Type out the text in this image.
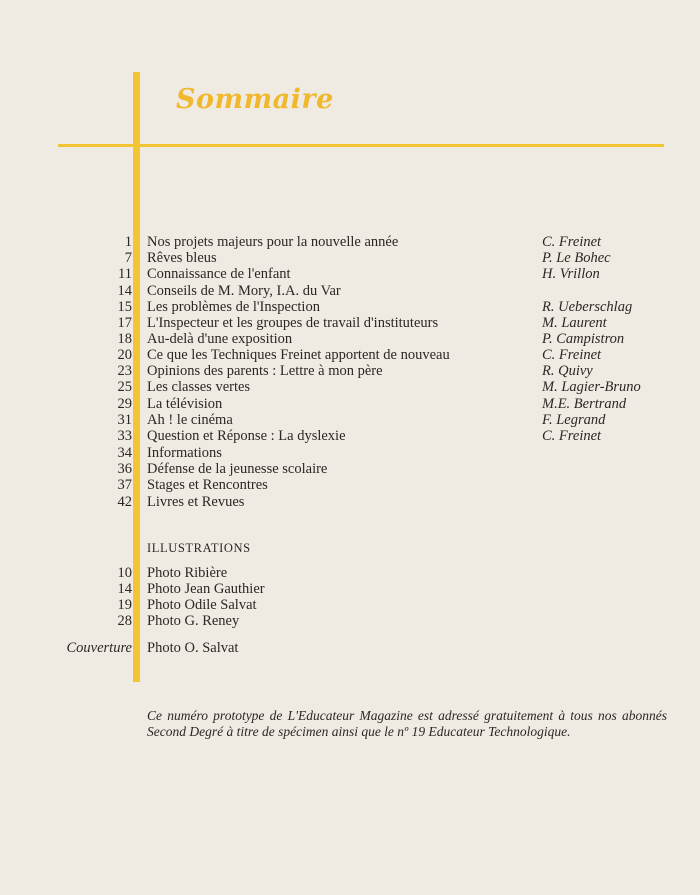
Sommaire
1 Nos projets majeurs pour la nouvelle année	C. Freinet
7 Rêves bleus	P. Le Bohec
11 Connaissance de l'enfant	H. Vrillon
14 Conseils de M. Mory, I.A. du Var
15 Les problèmes de l'Inspection	R. Ueberschlag
17 L'Inspecteur et les groupes de travail d'instituteurs	M. Laurent
18 Au-delà d'une exposition	P. Campistron
20 Ce que les Techniques Freinet apportent de nouveau	C. Freinet
23 Opinions des parents : Lettre à mon père	R. Quivy
25 Les classes vertes	M. Lagier-Bruno
29 La télévision	M.E. Bertrand
31 Ah ! le cinéma	F. Legrand
33 Question et Réponse : La dyslexie	C. Freinet
34 Informations
36 Défense de la jeunesse scolaire
37 Stages et Rencontres
42 Livres et Revues
ILLUSTRATIONS
10 Photo Ribière
14 Photo Jean Gauthier
19 Photo Odile Salvat
28 Photo G. Reney
Couverture Photo O. Salvat
Ce numéro prototype de L'Educateur Magazine est adressé gratuitement à tous nos abonnés Second Degré à titre de spécimen ainsi que le nº 19 Educateur Technologique.
